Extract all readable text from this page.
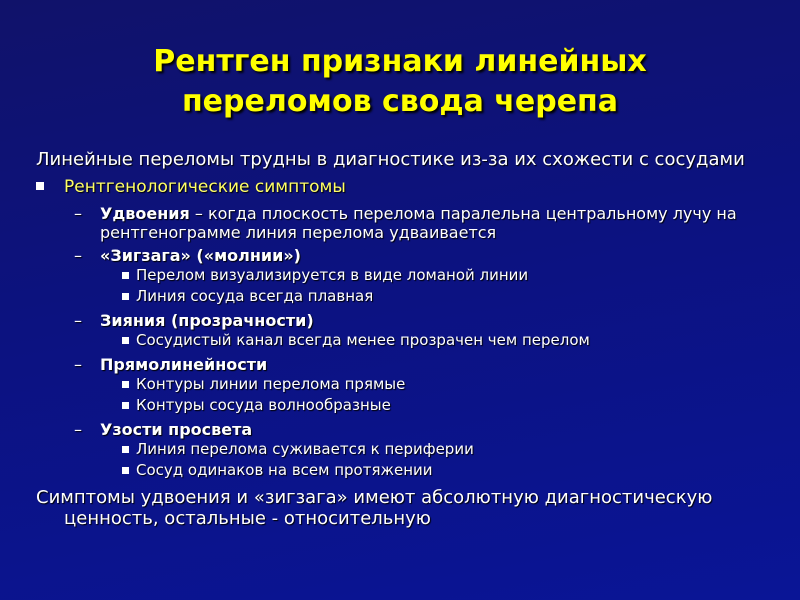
Рентген признаки линейных
переломов свода черепа

Линейные переломы трудны в диагностике из-за их схожести с сосудами

Рентгенологические симптомы
– Удвоения – когда плоскость перелома паралельна центральному лучу на рентгенограмме линия перелома удваивается
– «Зигзага» («молнии»)
Перелом визуализируется в виде ломаной линии
Линия сосуда всегда плавная
– Зияния (прозрачности)
Сосудистый канал всегда менее прозрачен чем перелом
– Прямолинейности
Контуры линии перелома прямые
Контуры сосуда волнообразные
– Узости просвета
Линия перелома суживается к периферии
Сосуд одинаков на всем протяжении

Симптомы удвоения и «зигзага» имеют абсолютную диагностическую ценность, остальные - относительную
